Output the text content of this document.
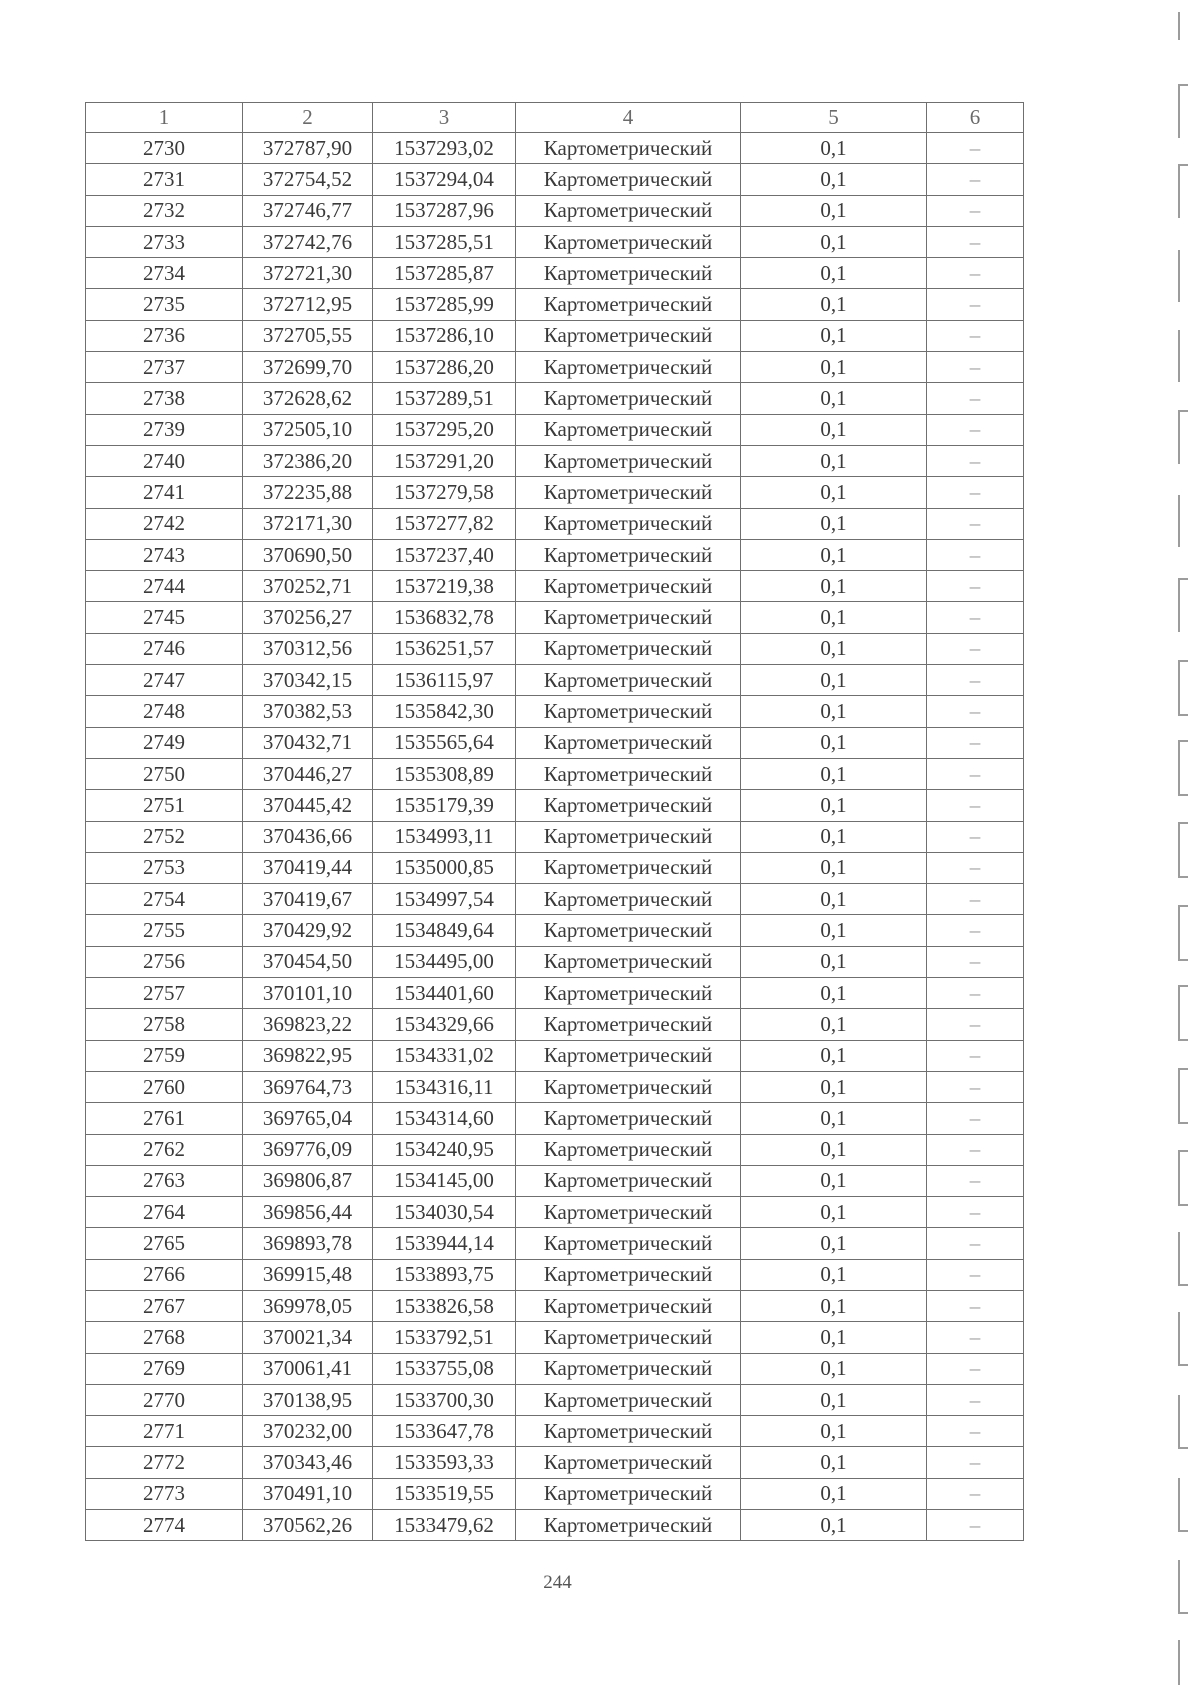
1	2	3	4	5	6
2730	372787,90	1537293,02	Картометрический	0,1	–
2731	372754,52	1537294,04	Картометрический	0,1	–
2732	372746,77	1537287,96	Картометрический	0,1	–
2733	372742,76	1537285,51	Картометрический	0,1	–
2734	372721,30	1537285,87	Картометрический	0,1	–
2735	372712,95	1537285,99	Картометрический	0,1	–
2736	372705,55	1537286,10	Картометрический	0,1	–
2737	372699,70	1537286,20	Картометрический	0,1	–
2738	372628,62	1537289,51	Картометрический	0,1	–
2739	372505,10	1537295,20	Картометрический	0,1	–
2740	372386,20	1537291,20	Картометрический	0,1	–
2741	372235,88	1537279,58	Картометрический	0,1	–
2742	372171,30	1537277,82	Картометрический	0,1	–
2743	370690,50	1537237,40	Картометрический	0,1	–
2744	370252,71	1537219,38	Картометрический	0,1	–
2745	370256,27	1536832,78	Картометрический	0,1	–
2746	370312,56	1536251,57	Картометрический	0,1	–
2747	370342,15	1536115,97	Картометрический	0,1	–
2748	370382,53	1535842,30	Картометрический	0,1	–
2749	370432,71	1535565,64	Картометрический	0,1	–
2750	370446,27	1535308,89	Картометрический	0,1	–
2751	370445,42	1535179,39	Картометрический	0,1	–
2752	370436,66	1534993,11	Картометрический	0,1	–
2753	370419,44	1535000,85	Картометрический	0,1	–
2754	370419,67	1534997,54	Картометрический	0,1	–
2755	370429,92	1534849,64	Картометрический	0,1	–
2756	370454,50	1534495,00	Картометрический	0,1	–
2757	370101,10	1534401,60	Картометрический	0,1	–
2758	369823,22	1534329,66	Картометрический	0,1	–
2759	369822,95	1534331,02	Картометрический	0,1	–
2760	369764,73	1534316,11	Картометрический	0,1	–
2761	369765,04	1534314,60	Картометрический	0,1	–
2762	369776,09	1534240,95	Картометрический	0,1	–
2763	369806,87	1534145,00	Картометрический	0,1	–
2764	369856,44	1534030,54	Картометрический	0,1	–
2765	369893,78	1533944,14	Картометрический	0,1	–
2766	369915,48	1533893,75	Картометрический	0,1	–
2767	369978,05	1533826,58	Картометрический	0,1	–
2768	370021,34	1533792,51	Картометрический	0,1	–
2769	370061,41	1533755,08	Картометрический	0,1	–
2770	370138,95	1533700,30	Картометрический	0,1	–
2771	370232,00	1533647,78	Картометрический	0,1	–
2772	370343,46	1533593,33	Картометрический	0,1	–
2773	370491,10	1533519,55	Картометрический	0,1	–
2774	370562,26	1533479,62	Картометрический	0,1	–
244
